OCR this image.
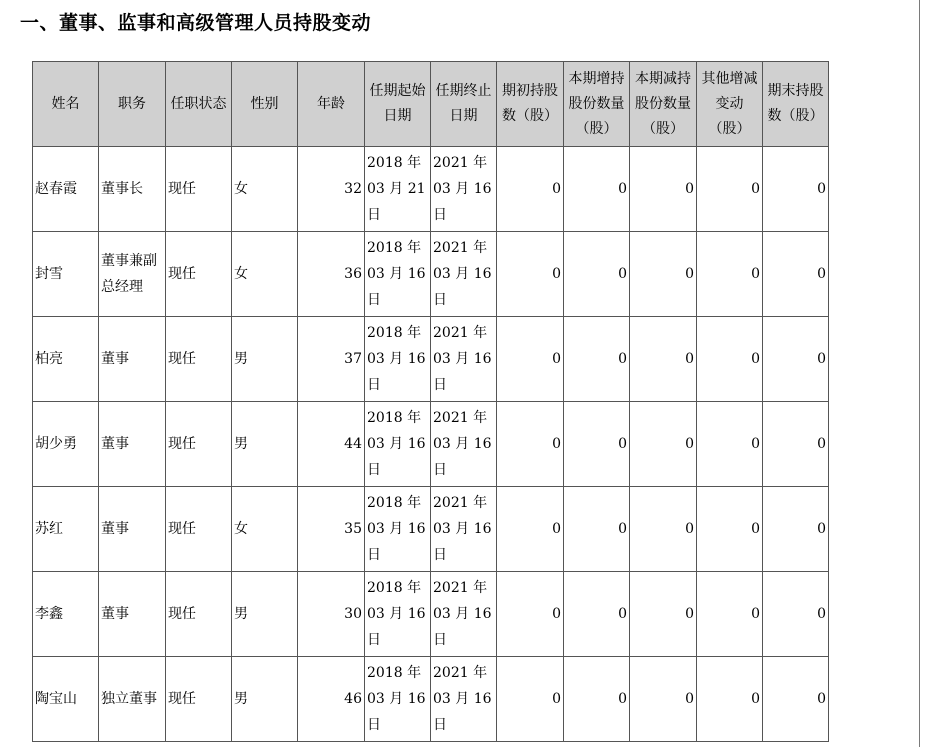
一、董事、监事和高级管理人员持股变动
姓名	职务	任职状态	性别	年龄	任期起始日期	任期终止日期	期初持股数（股）	本期增持股份数量（股）	本期减持股份数量（股）	其他增减变动（股）	期末持股数（股）
赵春霞	董事长	现任	女	32	2018 年 03 月 21 日	2021 年 03 月 16 日	0	0	0	0	0
封雪	董事兼副总经理	现任	女	36	2018 年 03 月 16 日	2021 年 03 月 16 日	0	0	0	0	0
柏亮	董事	现任	男	37	2018 年 03 月 16 日	2021 年 03 月 16 日	0	0	0	0	0
胡少勇	董事	现任	男	44	2018 年 03 月 16 日	2021 年 03 月 16 日	0	0	0	0	0
苏红	董事	现任	女	35	2018 年 03 月 16 日	2021 年 03 月 16 日	0	0	0	0	0
李鑫	董事	现任	男	30	2018 年 03 月 16 日	2021 年 03 月 16 日	0	0	0	0	0
陶宝山	独立董事	现任	男	46	2018 年 03 月 16 日	2021 年 03 月 16 日	0	0	0	0	0
